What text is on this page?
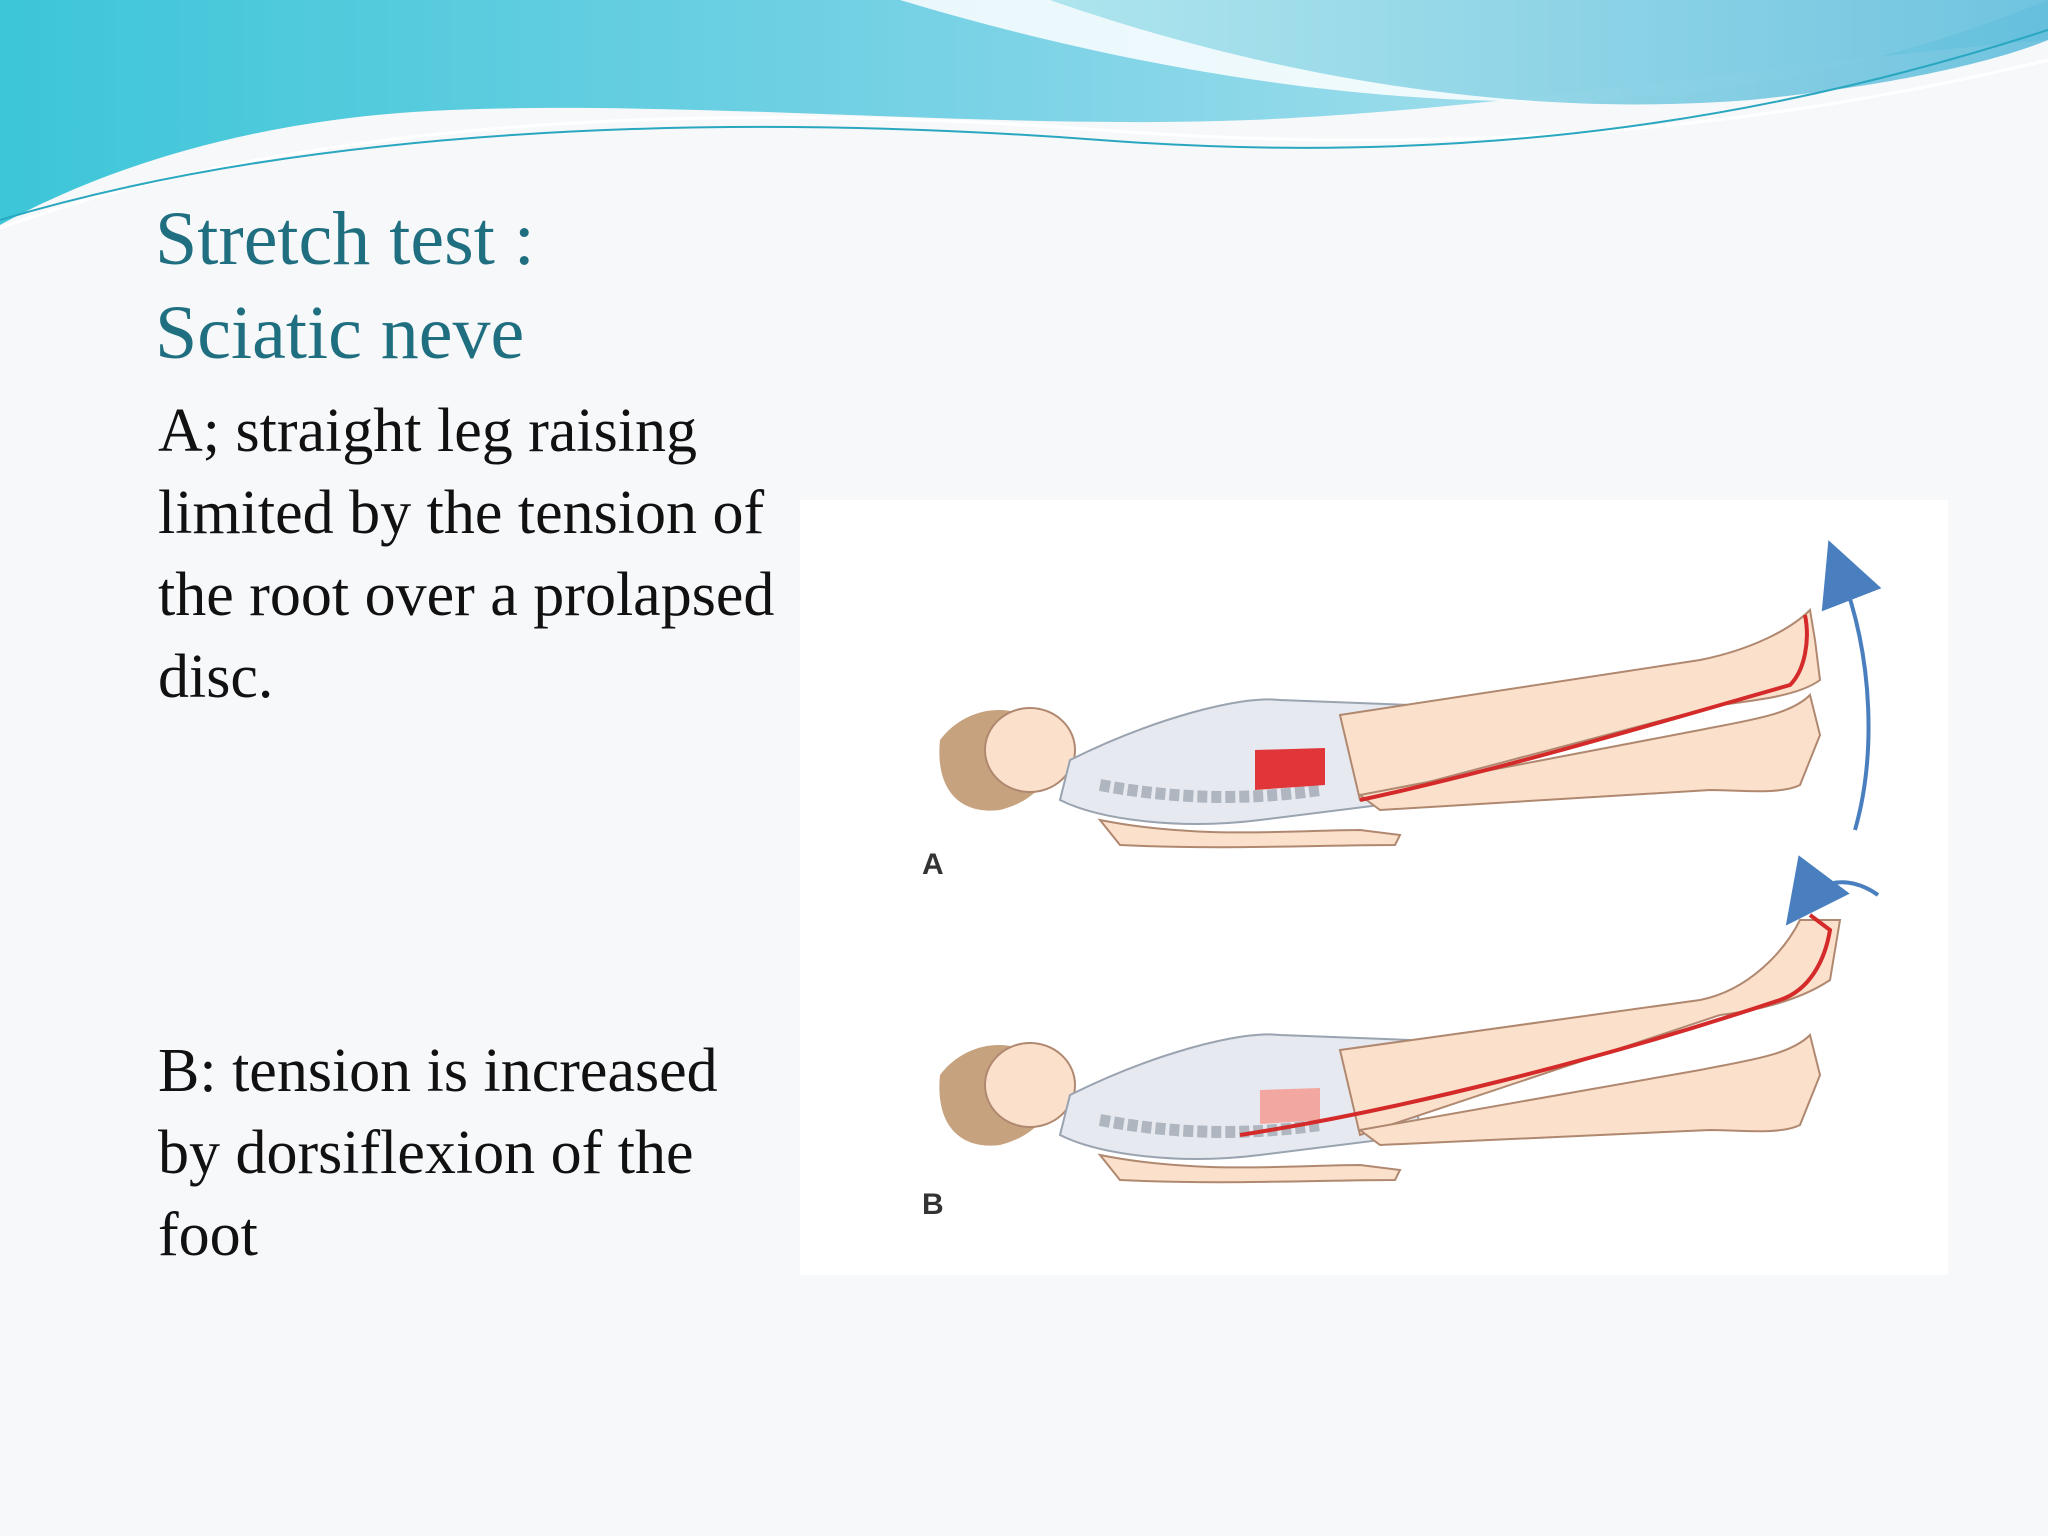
Stretch test :
Sciatic neve
A; straight leg raising limited by the tension of the root over a prolapsed disc.
B: tension is increased by dorsiflexion of the foot
A
B
